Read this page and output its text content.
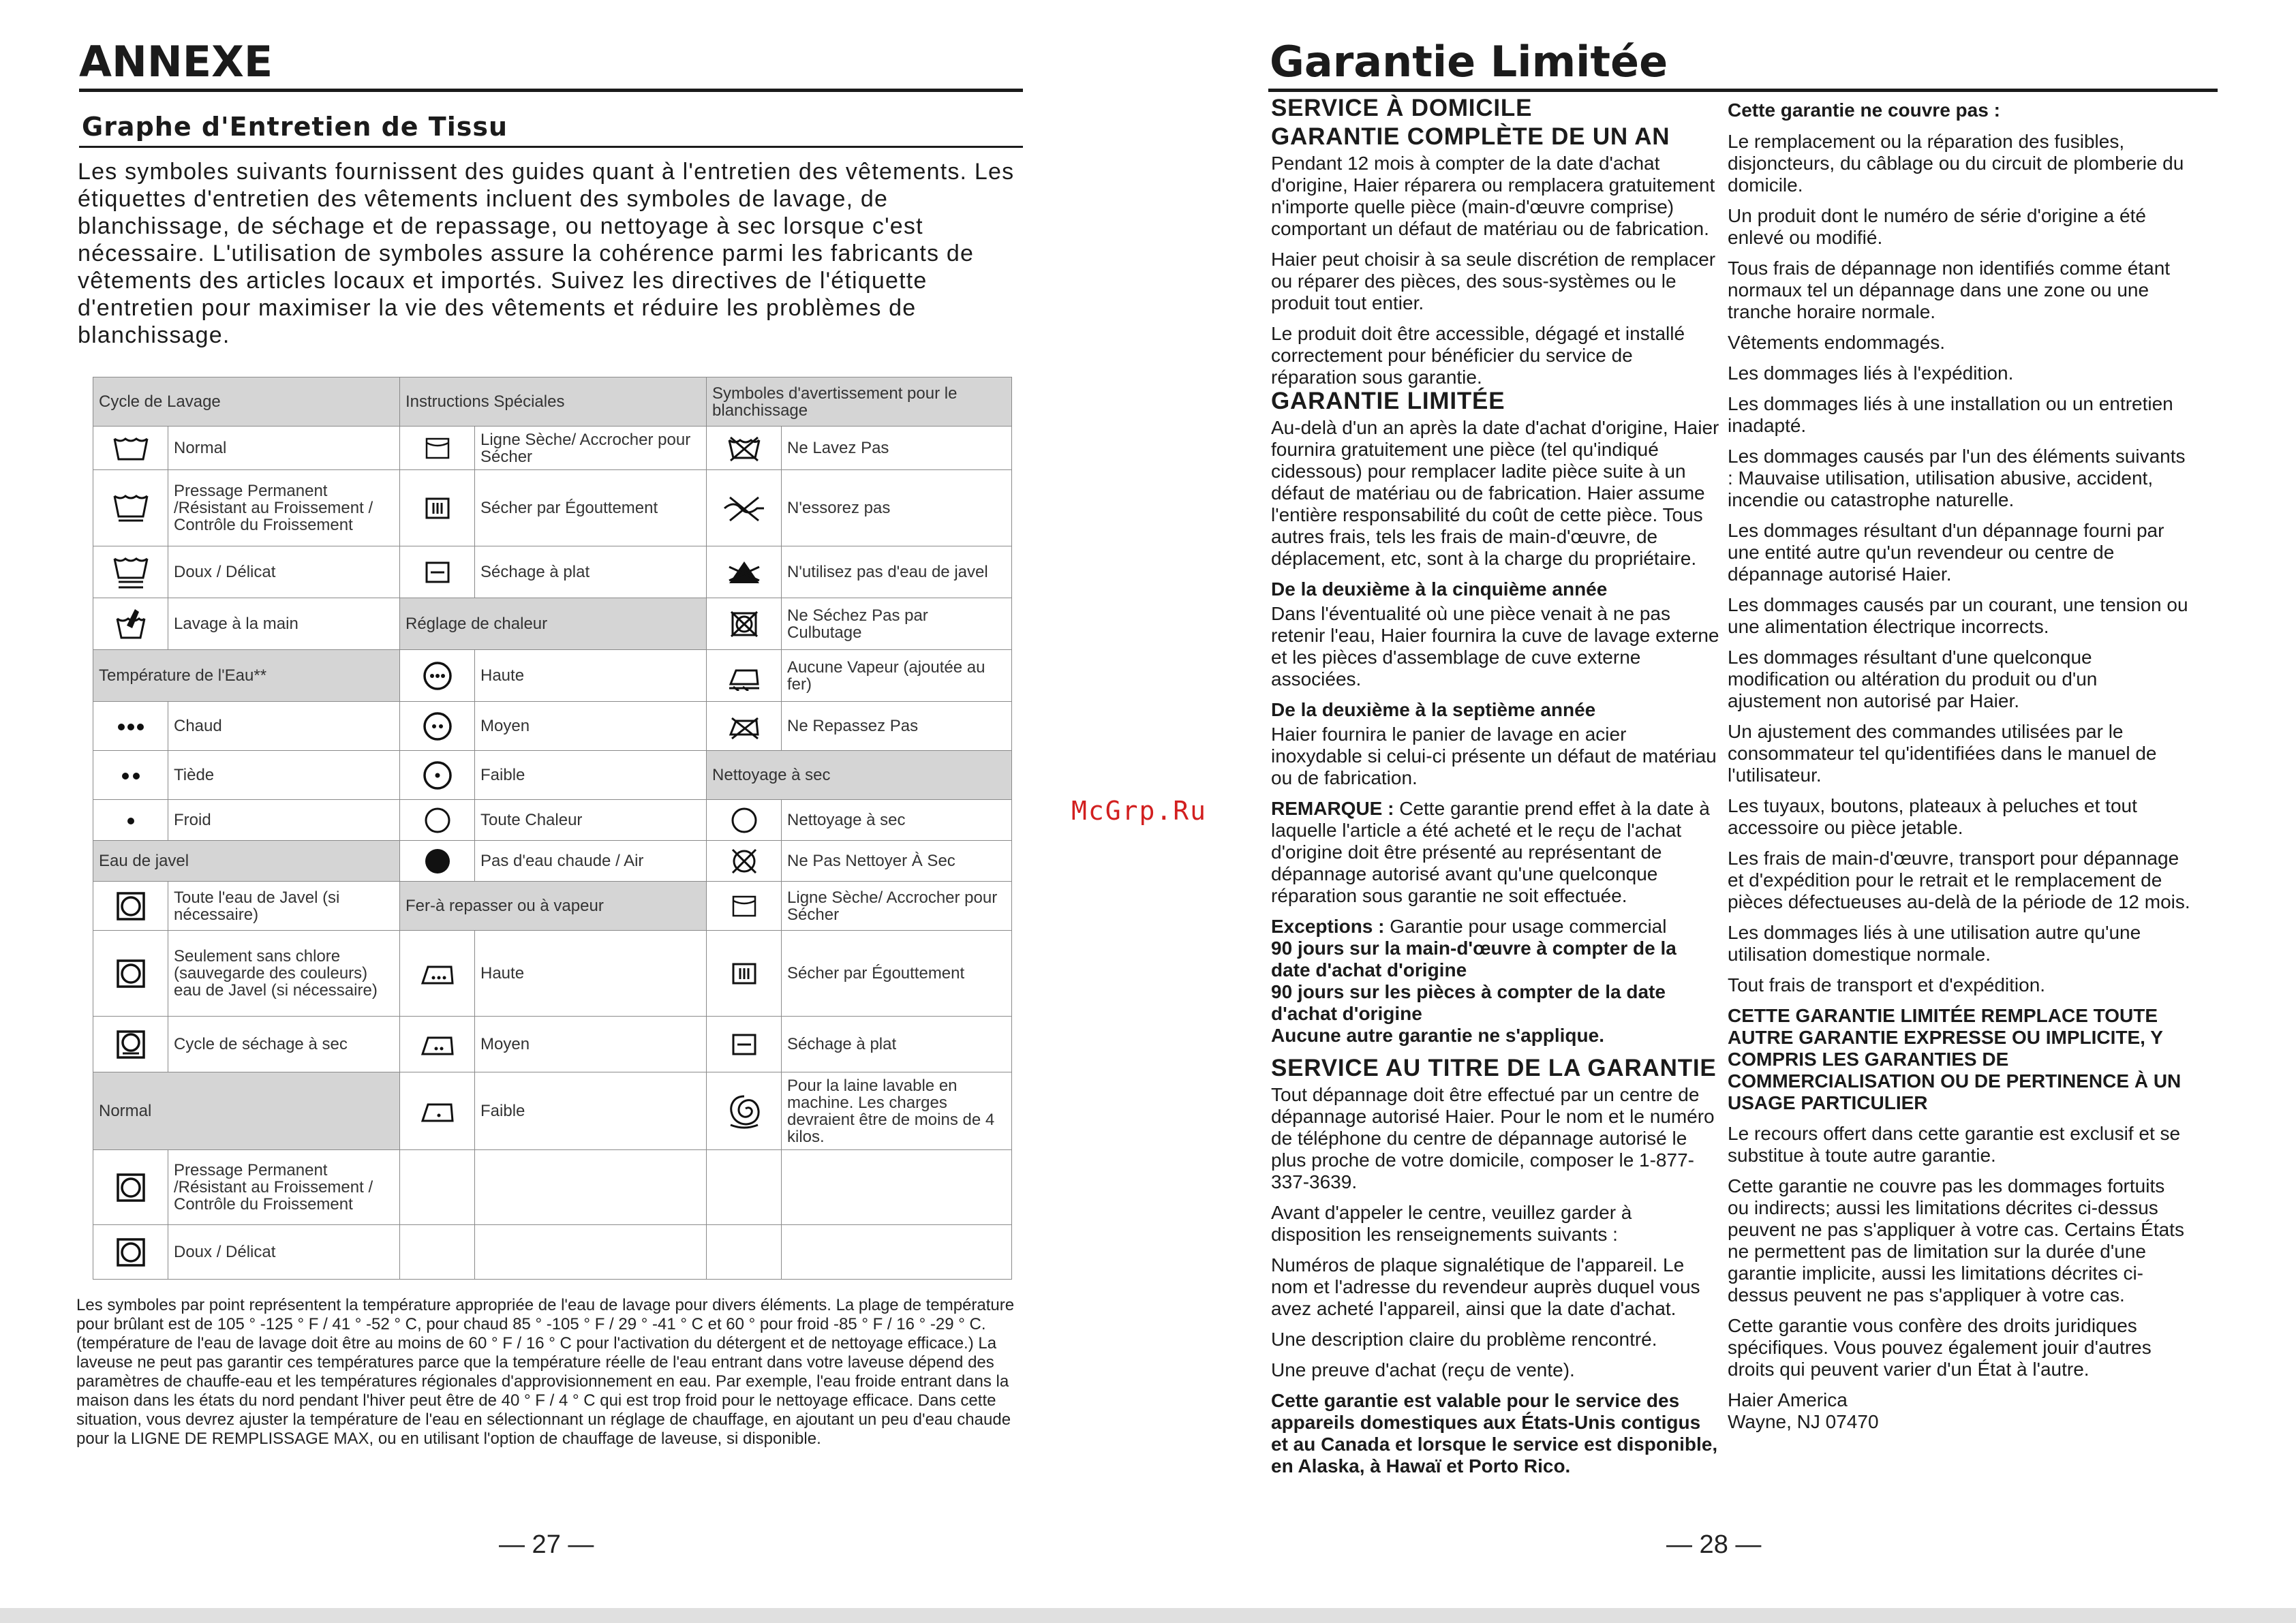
ANNEXE
Graphe d'Entretien de Tissu

Les symboles suivants fournissent des guides quant à l'entretien des vêtements. Les étiquettes d'entretien des vêtements incluent des symboles de lavage, de blanchissage, de séchage et de repassage, ou nettoyage à sec lorsque c'est nécessaire. L'utilisation de symboles assure la cohérence parmi les fabricants de vêtements des articles locaux et importés. Suivez les directives de l'étiquette d'entretien pour maximiser la vie des vêtements et réduire les problèmes de blanchissage.

Cycle de Lavage		Instructions Spéciales		Symboles d'avertissement pour le blanchissage	
	Normal		Ligne Sèche/ Accrocher pour Sécher		Ne Lavez Pas
	Pressage Permanent /Résistant au Froissement / Contrôle du Froissement		Sécher par Égouttement		N'essorez pas
	Doux / Délicat		Séchage à plat		N'utilisez pas d'eau de javel
	Lavage à la main	Réglage de chaleur			Ne Séchez Pas par Culbutage
Température de l'Eau**			Haute		Aucune Vapeur (ajoutée au fer)
	Chaud		Moyen		Ne Repassez Pas
	Tiède		Faible	Nettoyage à sec	
	Froid		Toute Chaleur		Nettoyage à sec
Eau de javel			Pas d'eau chaude / Air		Ne Pas Nettoyer À Sec
	Toute l'eau de Javel (si nécessaire)	Fer-à repasser ou à vapeur			Ligne Sèche/ Accrocher pour Sécher
	Seulement sans chlore (sauvegarde des couleurs) eau de Javel (si nécessaire)		Haute		Sécher par Égouttement
	Cycle de séchage à sec		Moyen		Séchage à plat
Normal			Faible		Pour la laine lavable en machine. Les charges devraient être de moins de 4 kilos.
	Pressage Permanent /Résistant au Froissement / Contrôle du Froissement				
	Doux / Délicat				

Les symboles par point représentent la température appropriée de l'eau de lavage pour divers éléments. La plage de température pour brûlant est de 105 ° -125 ° F / 41 ° -52 ° C, pour chaud 85 ° -105 ° F / 29 ° -41 ° C et 60 ° pour froid -85 ° F / 16 ° -29 ° C.

(température de l'eau de lavage doit être au moins de 60 ° F / 16 ° C pour l'activation du détergent et de nettoyage efficace.) La laveuse ne peut pas garantir ces températures parce que la température réelle de l'eau entrant dans votre laveuse dépend des paramètres de chauffe-eau et les températures régionales d'approvisionnement en eau. Par exemple, l'eau froide entrant dans la maison dans les états du nord pendant l'hiver peut être de 40 ° F / 4 ° C qui est trop froid pour le nettoyage efficace. Dans cette situation, vous devrez ajuster la température de l'eau en sélectionnant un réglage de chauffage, en ajoutant un peu d'eau chaude pour la LIGNE DE REMPLISSAGE MAX, ou en utilisant l'option de chauffage de laveuse, si disponible.

— 27 —
McGrp.Ru
Garantie Limitée

SERVICE À DOMICILE

GARANTIE COMPLÈTE DE UN AN

Pendant 12 mois à compter de la date d'achat d'origine, Haier réparera ou remplacera gratuitement n'importe quelle pièce (main-d'œuvre comprise) comportant un défaut de matériau ou de fabrication.

Haier peut choisir à sa seule discrétion de remplacer ou réparer des pièces, des sous-systèmes ou le produit tout entier.

Le produit doit être accessible, dégagé et installé correctement pour bénéficier du service de réparation sous garantie.

GARANTIE LIMITÉE

Au-delà d'un an après la date d'achat d'origine, Haier fournira gratuitement une pièce (tel qu'indiqué cidessous) pour remplacer ladite pièce suite à un défaut de matériau ou de fabrication. Haier assume l'entière responsabilité du coût de cette pièce. Tous autres frais, tels les frais de main-d'œuvre, de déplacement, etc, sont à la charge du propriétaire.

De la deuxième à la cinquième année

Dans l'éventualité où une pièce venait à ne pas retenir l'eau, Haier fournira la cuve de lavage externe et les pièces d'assemblage de cuve externe associées.

De la deuxième à la septième année

Haier fournira le panier de lavage en acier inoxydable si celui-ci présente un défaut de matériau ou de fabrication.

REMARQUE : Cette garantie prend effet à la date à laquelle l'article a été acheté et le reçu de l'achat d'origine doit être présenté au représentant de dépannage autorisé avant qu'une quelconque réparation sous garantie ne soit effectuée.

Exceptions : Garantie pour usage commercial

90 jours sur la main-d'œuvre à compter de la date d'achat d'origine

90 jours sur les pièces à compter de la date d'achat d'origine

Aucune autre garantie ne s'applique.

SERVICE AU TITRE DE LA GARANTIE

Tout dépannage doit être effectué par un centre de dépannage autorisé Haier. Pour le nom et le numéro de téléphone du centre de dépannage autorisé le plus proche de votre domicile, composer le 1-877-337-3639.

Avant d'appeler le centre, veuillez garder à disposition les renseignements suivants :

Numéros de plaque signalétique de l'appareil. Le nom et l'adresse du revendeur auprès duquel vous avez acheté l'appareil, ainsi que la date d'achat.

Une description claire du problème rencontré.

Une preuve d'achat (reçu de vente).

Cette garantie est valable pour le service des appareils domestiques aux États-Unis contigus et au Canada et lorsque le service est disponible, en Alaska, à Hawaï et Porto Rico.

Cette garantie ne couvre pas :

Le remplacement ou la réparation des fusibles, disjoncteurs, du câblage ou du circuit de plomberie du domicile.

Un produit dont le numéro de série d'origine a été enlevé ou modifié.

Tous frais de dépannage non identifiés comme étant normaux tel un dépannage dans une zone ou une tranche horaire normale.

Vêtements endommagés.

Les dommages liés à l'expédition.

Les dommages liés à une installation ou un entretien inadapté.

Les dommages causés par l'un des éléments suivants : Mauvaise utilisation, utilisation abusive, accident, incendie ou catastrophe naturelle.

Les dommages résultant d'un dépannage fourni par une entité autre qu'un revendeur ou centre de dépannage autorisé Haier.

Les dommages causés par un courant, une tension ou une alimentation électrique incorrects.

Les dommages résultant d'une quelconque modification ou altération du produit ou d'un ajustement non autorisé par Haier.

Un ajustement des commandes utilisées par le consommateur tel qu'identifiées dans le manuel de l'utilisateur.

Les tuyaux, boutons, plateaux à peluches et tout accessoire ou pièce jetable.

Les frais de main-d'œuvre, transport pour dépannage et d'expédition pour le retrait et le remplacement de pièces défectueuses au-delà de la période de 12 mois.

Les dommages liés à une utilisation autre qu'une utilisation domestique normale.

Tout frais de transport et d'expédition.

CETTE GARANTIE LIMITÉE REMPLACE TOUTE AUTRE GARANTIE EXPRESSE OU IMPLICITE, Y COMPRIS LES GARANTIES DE COMMERCIALISATION OU DE PERTINENCE À UN USAGE PARTICULIER

Le recours offert dans cette garantie est exclusif et se substitue à toute autre garantie.

Cette garantie ne couvre pas les dommages fortuits ou indirects; aussi les limitations décrites ci-dessus peuvent ne pas s'appliquer à votre cas. Certains États ne permettent pas de limitation sur la durée d'une garantie implicite, aussi les limitations décrites ci-dessus peuvent ne pas s'appliquer à votre cas.

Cette garantie vous confère des droits juridiques spécifiques. Vous pouvez également jouir d'autres droits qui peuvent varier d'un État à l'autre.

Haier America

Wayne, NJ 07470

— 28 —
